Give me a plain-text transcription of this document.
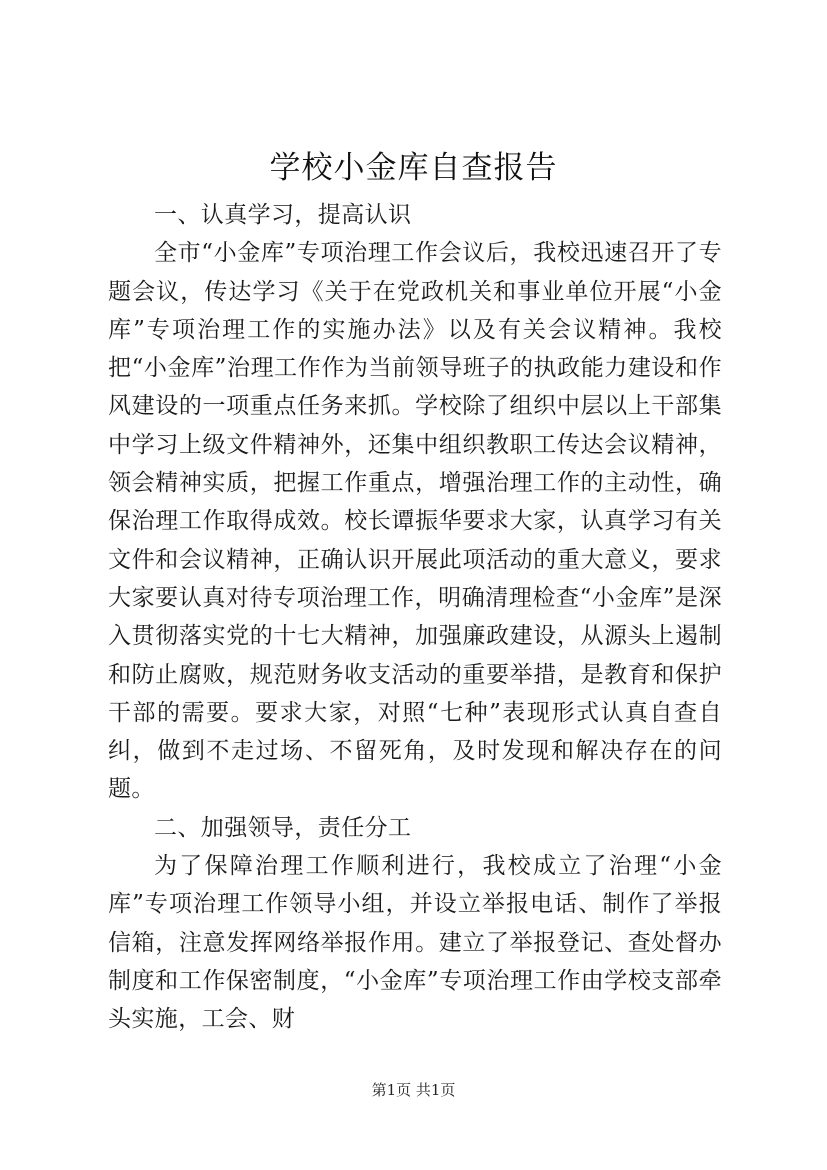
学校小金库自查报告

一、认真学习，提高认识

全市“小金库”专项治理工作会议后，我校迅速召开了专题会议，传达学习《关于在党政机关和事业单位开展“小金库”专项治理工作的实施办法》以及有关会议精神。我校把“小金库”治理工作作为当前领导班子的执政能力建设和作风建设的一项重点任务来抓。学校除了组织中层以上干部集中学习上级文件精神外，还集中组织教职工传达会议精神，领会精神实质，把握工作重点，增强治理工作的主动性，确保治理工作取得成效。校长谭振华要求大家，认真学习有关文件和会议精神，正确认识开展此项活动的重大意义，要求大家要认真对待专项治理工作，明确清理检查“小金库”是深入贯彻落实党的十七大精神，加强廉政建设，从源头上遏制和防止腐败，规范财务收支活动的重要举措，是教育和保护干部的需要。要求大家，对照“七种”表现形式认真自查自纠，做到不走过场、不留死角，及时发现和解决存在的问题。

二、加强领导，责任分工

为了保障治理工作顺利进行，我校成立了治理“小金库”专项治理工作领导小组，并设立举报电话、制作了举报信箱，注意发挥网络举报作用。建立了举报登记、查处督办制度和工作保密制度，“小金库”专项治理工作由学校支部牵头实施，工会、财

第1页 共1页
